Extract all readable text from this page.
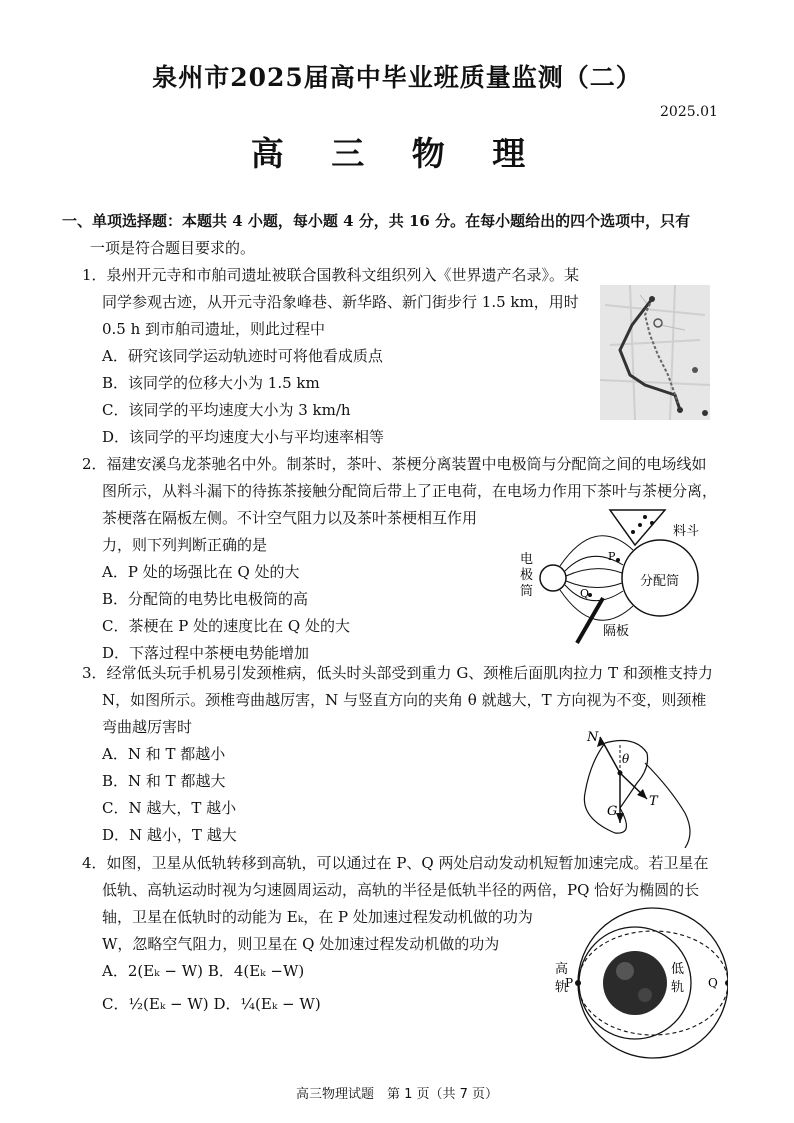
泉州市2025届高中毕业班质量监测（二）
2025.01
高 三 物 理
一、单项选择题：本题共 4 小题，每小题 4 分，共 16 分。在每小题给出的四个选项中，只有
一项是符合题目要求的。
1．泉州开元寺和市舶司遗址被联合国教科文组织列入《世界遗产名录》。某
同学参观古迹，从开元寺沿象峰巷、新华路、新门街步行 1.5 km，用时
0.5 h 到市舶司遗址，则此过程中
A．研究该同学运动轨迹时可将他看成质点
B．该同学的位移大小为 1.5 km
C．该同学的平均速度大小为 3 km/h
D．该同学的平均速度大小与平均速率相等
2．福建安溪乌龙茶驰名中外。制茶时，茶叶、茶梗分离装置中电极筒与分配筒之间的电场线如
图所示，从料斗漏下的待拣茶接触分配筒后带上了正电荷，在电场力作用下茶叶与茶梗分离，
茶梗落在隔板左侧。不计空气阻力以及茶叶茶梗相互作用
力，则下列判断正确的是
A．P 处的场强比在 Q 处的大
B．分配筒的电势比电极筒的高
C．茶梗在 P 处的速度比在 Q 处的大
D．下落过程中茶梗电势能增加
料斗
分配筒
隔板
P
Q
电极筒
3．经常低头玩手机易引发颈椎病，低头时头部受到重力 G、颈椎后面肌肉拉力 T 和颈椎支持力
N，如图所示。颈椎弯曲越厉害，N 与竖直方向的夹角 θ 就越大，T 方向视为不变，则颈椎
弯曲越厉害时
A．N 和 T 都越小
B．N 和 T 都越大
C．N 越大，T 越小
D．N 越小，T 越大
N
θ
G
T
4．如图，卫星从低轨转移到高轨，可以通过在 P、Q 两处启动发动机短暂加速完成。若卫星在
低轨、高轨运动时视为匀速圆周运动，高轨的半径是低轨半径的两倍，PQ 恰好为椭圆的长
轴，卫星在低轨时的动能为 Eₖ，在 P 处加速过程发动机做的功为
W，忽略空气阻力，则卫星在 Q 处加速过程发动机做的功为
A．2(Eₖ − W) B．4(Eₖ −W)
C．½(Eₖ − W) D．¼(Eₖ − W)
P	Q
高轨
低轨
高三物理试题　第 1 页（共 7 页）
